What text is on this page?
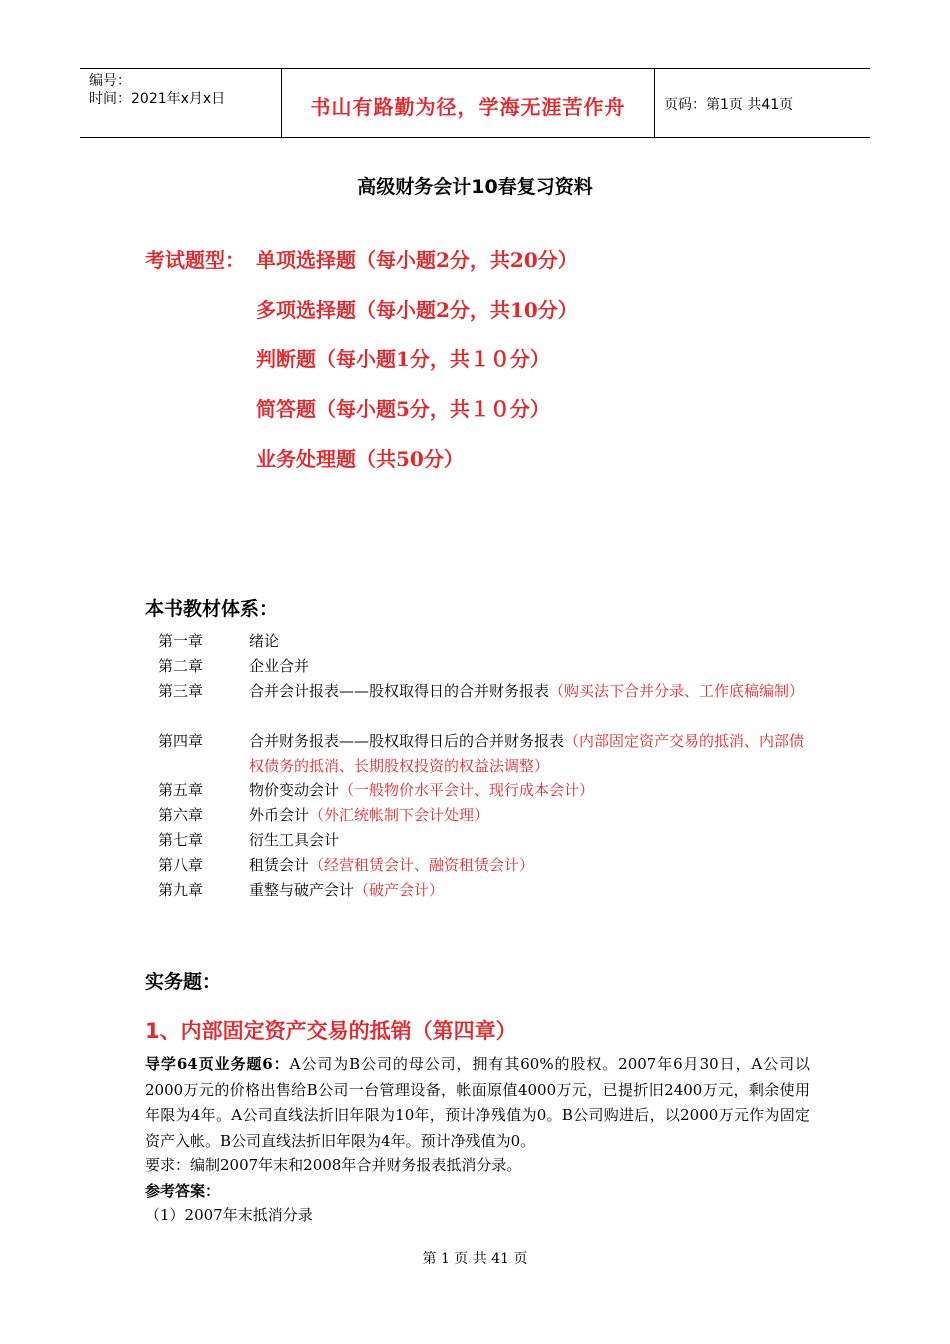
编号：
时间：2021年x月x日	书山有路勤为径，学海无涯苦作舟	页码：第1页 共41页
高级财务会计10春复习资料
考试题型： 单项选择题（每小题2分，共20分）
多项选择题（每小题2分，共10分）
判断题（每小题1分，共１０分）
简答题（每小题5分，共１０分）
业务处理题（共50分）
本书教材体系：
第一章	绪论
第二章	企业合并
第三章	合并会计报表——股权取得日的合并财务报表（购买法下合并分录、工作底稿编制）
第四章	合并财务报表——股权取得日后的合并财务报表（内部固定资产交易的抵消、内部债权债务的抵消、长期股权投资的权益法调整）
第五章	物价变动会计（一般物价水平会计、现行成本会计）
第六章	外币会计（外汇统帐制下会计处理）
第七章	衍生工具会计
第八章	租赁会计（经营租赁会计、融资租赁会计）
第九章	重整与破产会计（破产会计）
实务题：
1、内部固定资产交易的抵销（第四章）
导学64页业务题6：A公司为B公司的母公司，拥有其60%的股权。2007年6月30日，A公司以2000万元的价格出售给B公司一台管理设备，帐面原值4000万元，已提折旧2400万元，剩余使用年限为4年。A公司直线法折旧年限为10年，预计净残值为0。B公司购进后，以2000万元作为固定资产入帐。B公司直线法折旧年限为4年。预计净残值为0。
要求：编制2007年末和2008年合并财务报表抵消分录。
参考答案：
（1）2007年末抵消分录
第 1 页 共 41 页
